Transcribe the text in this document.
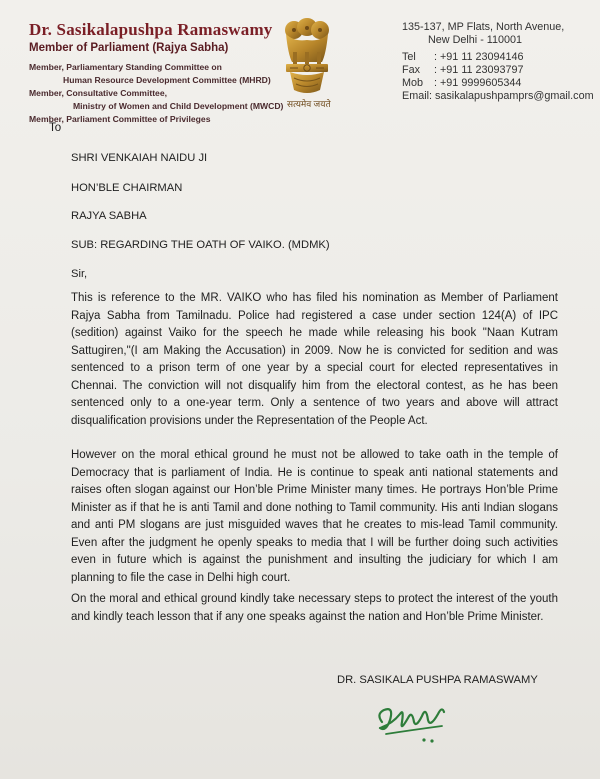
Dr. Sasikalapushpa Ramaswamy
Member of Parliament (Rajya Sabha)
Member, Parliamentary Standing Committee on
Human Resource Development Committee (MHRD)
Member, Consultative Committee,
Ministry of Women and Child Development (MWCD)
Member, Parliament Committee of Privileges
सत्यमेव जयते
135-137, MP Flats, North Avenue,
New Delhi - 110001
Tel : +91 11 23094146
Fax : +91 11 23093797
Mob : +91 9999605344
Email: sasikalapushpamprs@gmail.com
To
SHRI VENKAIAH NAIDU JI
HON’BLE CHAIRMAN
RAJYA SABHA
SUB: REGARDING THE OATH OF VAIKO. (MDMK)
Sir,
This is reference to the MR. VAIKO who has filed his nomination as Member of Parliament Rajya Sabha from Tamilnadu. Police had registered a case under section 124(A) of IPC (sedition) against Vaiko for the speech he made while releasing his book "Naan Kutram Sattugiren,"(I am Making the Accusation) in 2009. Now he is convicted for sedition and was sentenced to a prison term of one year by a special court for elected representatives in Chennai. The conviction will not disqualify him from the electoral contest, as he has been sentenced only to a one-year term. Only a sentence of two years and above will attract disqualification provisions under the Representation of the People Act.
However on the moral ethical ground he must not be allowed to take oath in the temple of Democracy that is parliament of India. He is continue to speak anti national statements and raises often slogan against our Hon’ble Prime Minister many times. He portrays Hon’ble Prime Minister as if that he is anti Tamil and done nothing to Tamil community. His anti Indian slogans and anti PM slogans are just misguided waves that he creates to mis-lead Tamil community. Even after the judgment he openly speaks to media that I will be further doing such activities even in future which is against the punishment and insulting the judiciary for which I am planning to file the case in Delhi high court.
On the moral and ethical ground kindly take necessary steps to protect the interest of the youth and kindly teach lesson that if any one speaks against the nation and Hon’ble Prime Minister.
DR. SASIKALA PUSHPA RAMASWAMY
